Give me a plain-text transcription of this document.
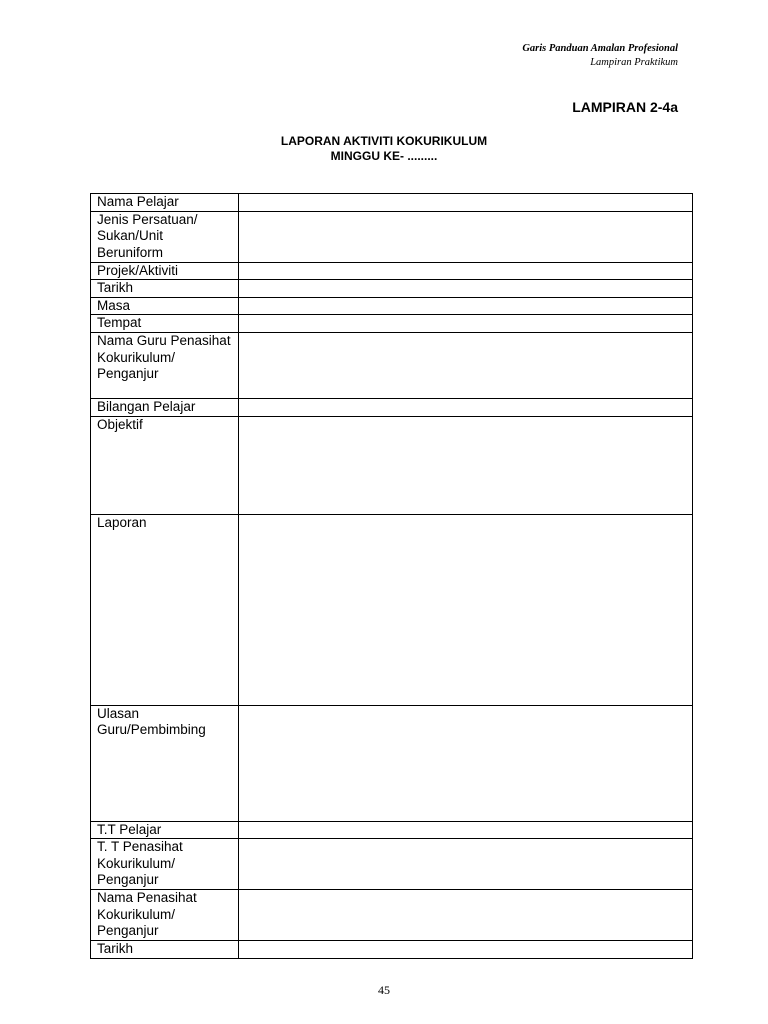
Garis Panduan Amalan Profesional
Lampiran Praktikum
LAMPIRAN 2-4a
LAPORAN AKTIVITI KOKURIKULUM
MINGGU KE- .........
Nama Pelajar	
Jenis Persatuan/ Sukan/Unit Beruniform	
Projek/Aktiviti	
Tarikh	
Masa	
Tempat	
Nama Guru Penasihat Kokurikulum/ Penganjur	
Bilangan Pelajar	
Objektif	
Laporan	
Ulasan Guru/Pembimbing	
T.T Pelajar	
T. T Penasihat Kokurikulum/ Penganjur	
Nama Penasihat Kokurikulum/ Penganjur	
Tarikh	
45
